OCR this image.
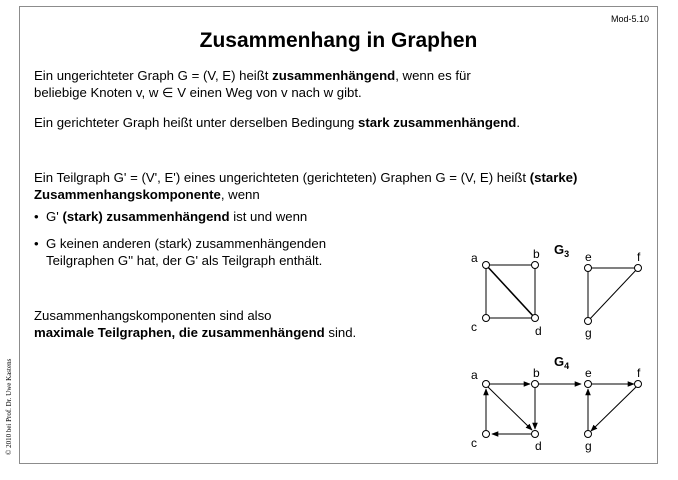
Mod-5.10
Zusammenhang in Graphen
Ein ungerichteter Graph G = (V, E) heißt zusammenhängend, wenn es für
beliebige Knoten v, w ∈ V einen Weg von v nach w gibt.
Ein gerichteter Graph heißt unter derselben Bedingung stark zusammenhängend.
Ein Teilgraph G' = (V', E') eines ungerichteten (gerichteten) Graphen G = (V, E) heißt (starke)
Zusammenhangskomponente, wenn
• G' (stark) zusammenhängend ist und wenn
• G keinen anderen (stark) zusammenhängenden
Teilgraphen G'' hat, der G' als Teilgraph enthält.
Zusammenhangskomponenten sind also
maximale Teilgraphen, die zusammenhängend sind.
$G_3$
a	b
c	d
e	f
g
$G_4$
a	b
c	d
e	f
g
© 2010 bei Prof. Dr. Uwe Kastens
